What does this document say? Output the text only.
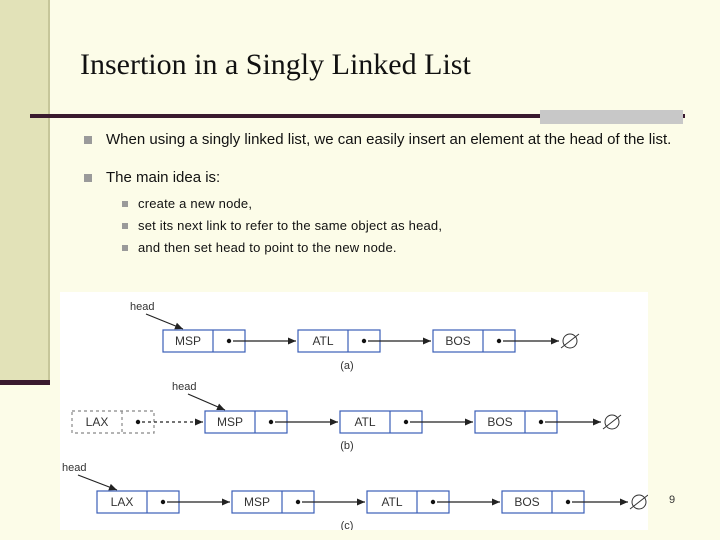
Insertion in a Singly Linked List
When using a singly linked list, we can easily insert an element at the head of the list.
The main idea is:
create a new node,
set its next link to refer to the same object as head,
and then set head to point to the new node.
MSP	ATL	BOS
head
(a)
MSP	ATL	BOS
LAX
head
(b)
LAX	MSP	ATL	BOS
head
(c)
9
